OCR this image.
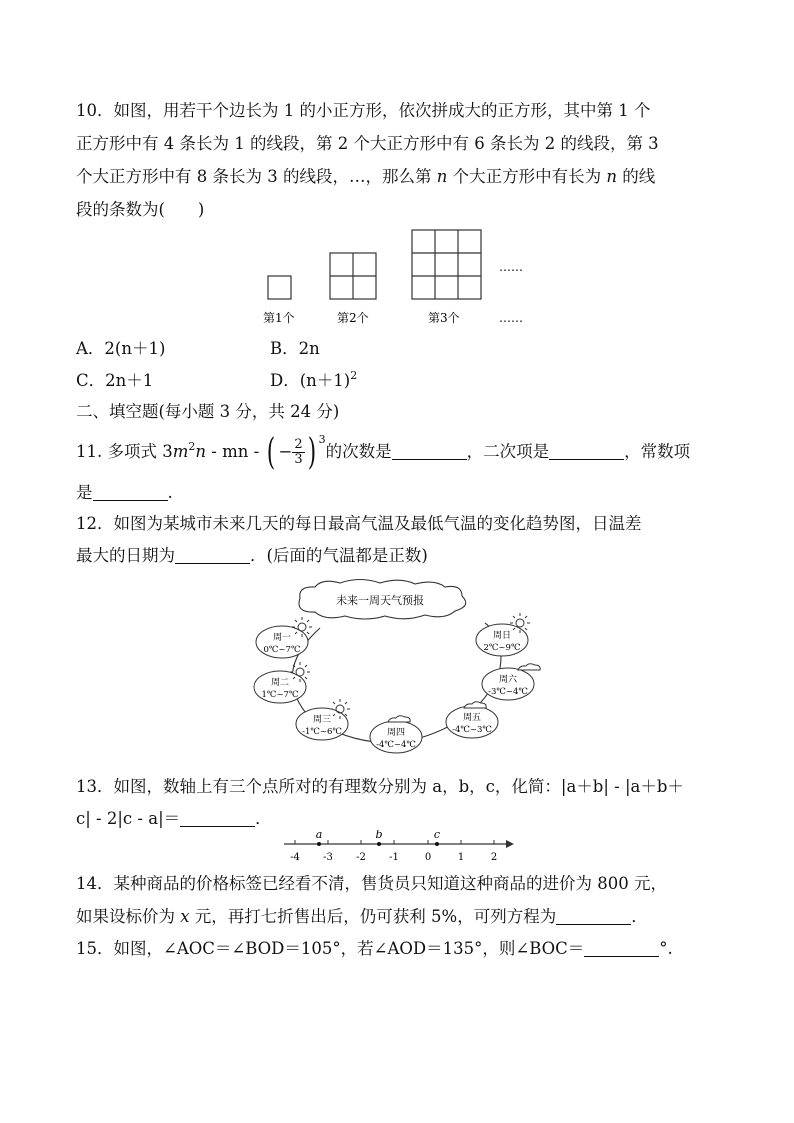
10．如图，用若干个边长为 1 的小正方形，依次拼成大的正方形，其中第 1 个
正方形中有 4 条长为 1 的线段，第 2 个大正方形中有 6 条长为 2 的线段，第 3
个大正方形中有 8 条长为 3 的线段，…，那么第 n 个大正方形中有长为 n 的线
段的条数为(　　)
……
第1个	第2个	第3个	……
A．2(n＋1)	B．2n
C．2n＋1	D．$(n+1)^2$
二、填空题(每小题 3 分，共 24 分)
11. 多项式 $3m^2n$ - mn - ( − $\frac{2}{3}$ ) $^3$的次数是	，二次项是	，常数项
是	.
12．如图为某城市未来几天的每日最高气温及最低气温的变化趋势图，日温差
最大的日期为	．(后面的气温都是正数)
未来一周天气预报
周一
0℃~7℃
周二
1℃~7℃
周三
-1℃~6℃	周四
-4℃~4℃
周五
-4℃~3℃
周六
-3℃~4℃
周日
2℃~9℃
13．如图，数轴上有三个点所对的有理数分别为 a，b，c，化简：|a＋b| - |a＋b＋
c| - 2|c - a|＝	．
-4 -3 -2 -1	0	1	2
a	b	c
14．某种商品的价格标签已经看不清，售货员只知道这种商品的进价为 800 元，
如果设标价为 x 元，再打七折售出后，仍可获利 5%，可列方程为	．
15．如图，∠AOC＝∠BOD＝105°，若∠AOD＝135°，则∠BOC＝	°.
